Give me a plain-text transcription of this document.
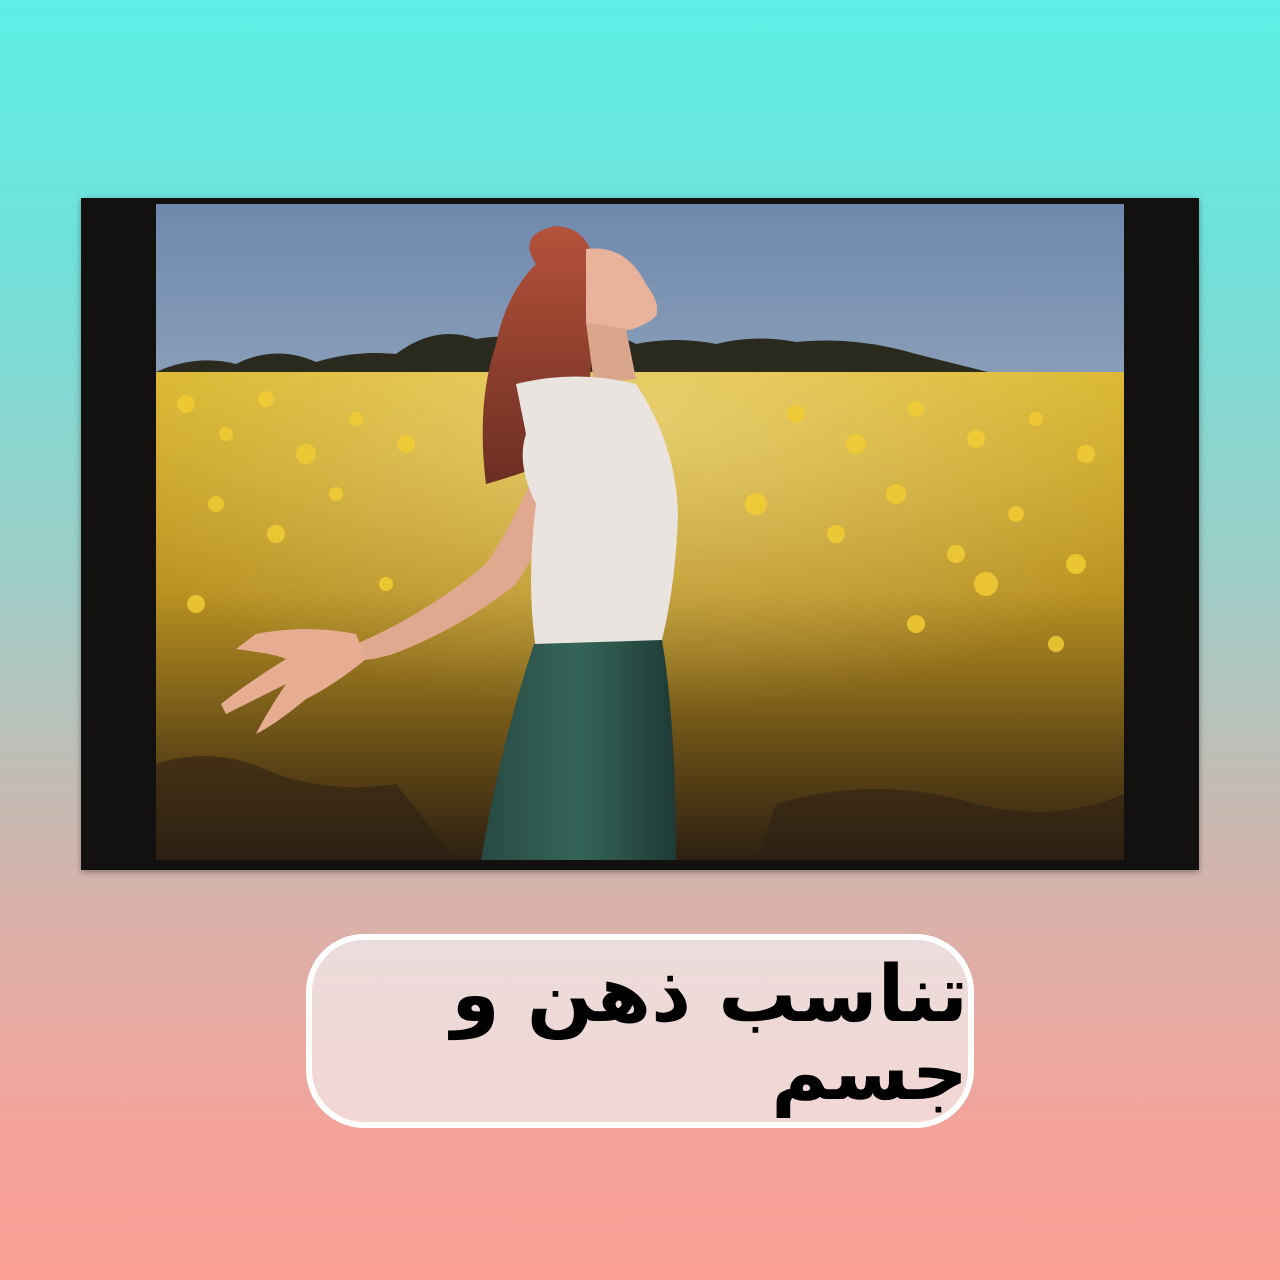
تناسب ذهن و جسم
